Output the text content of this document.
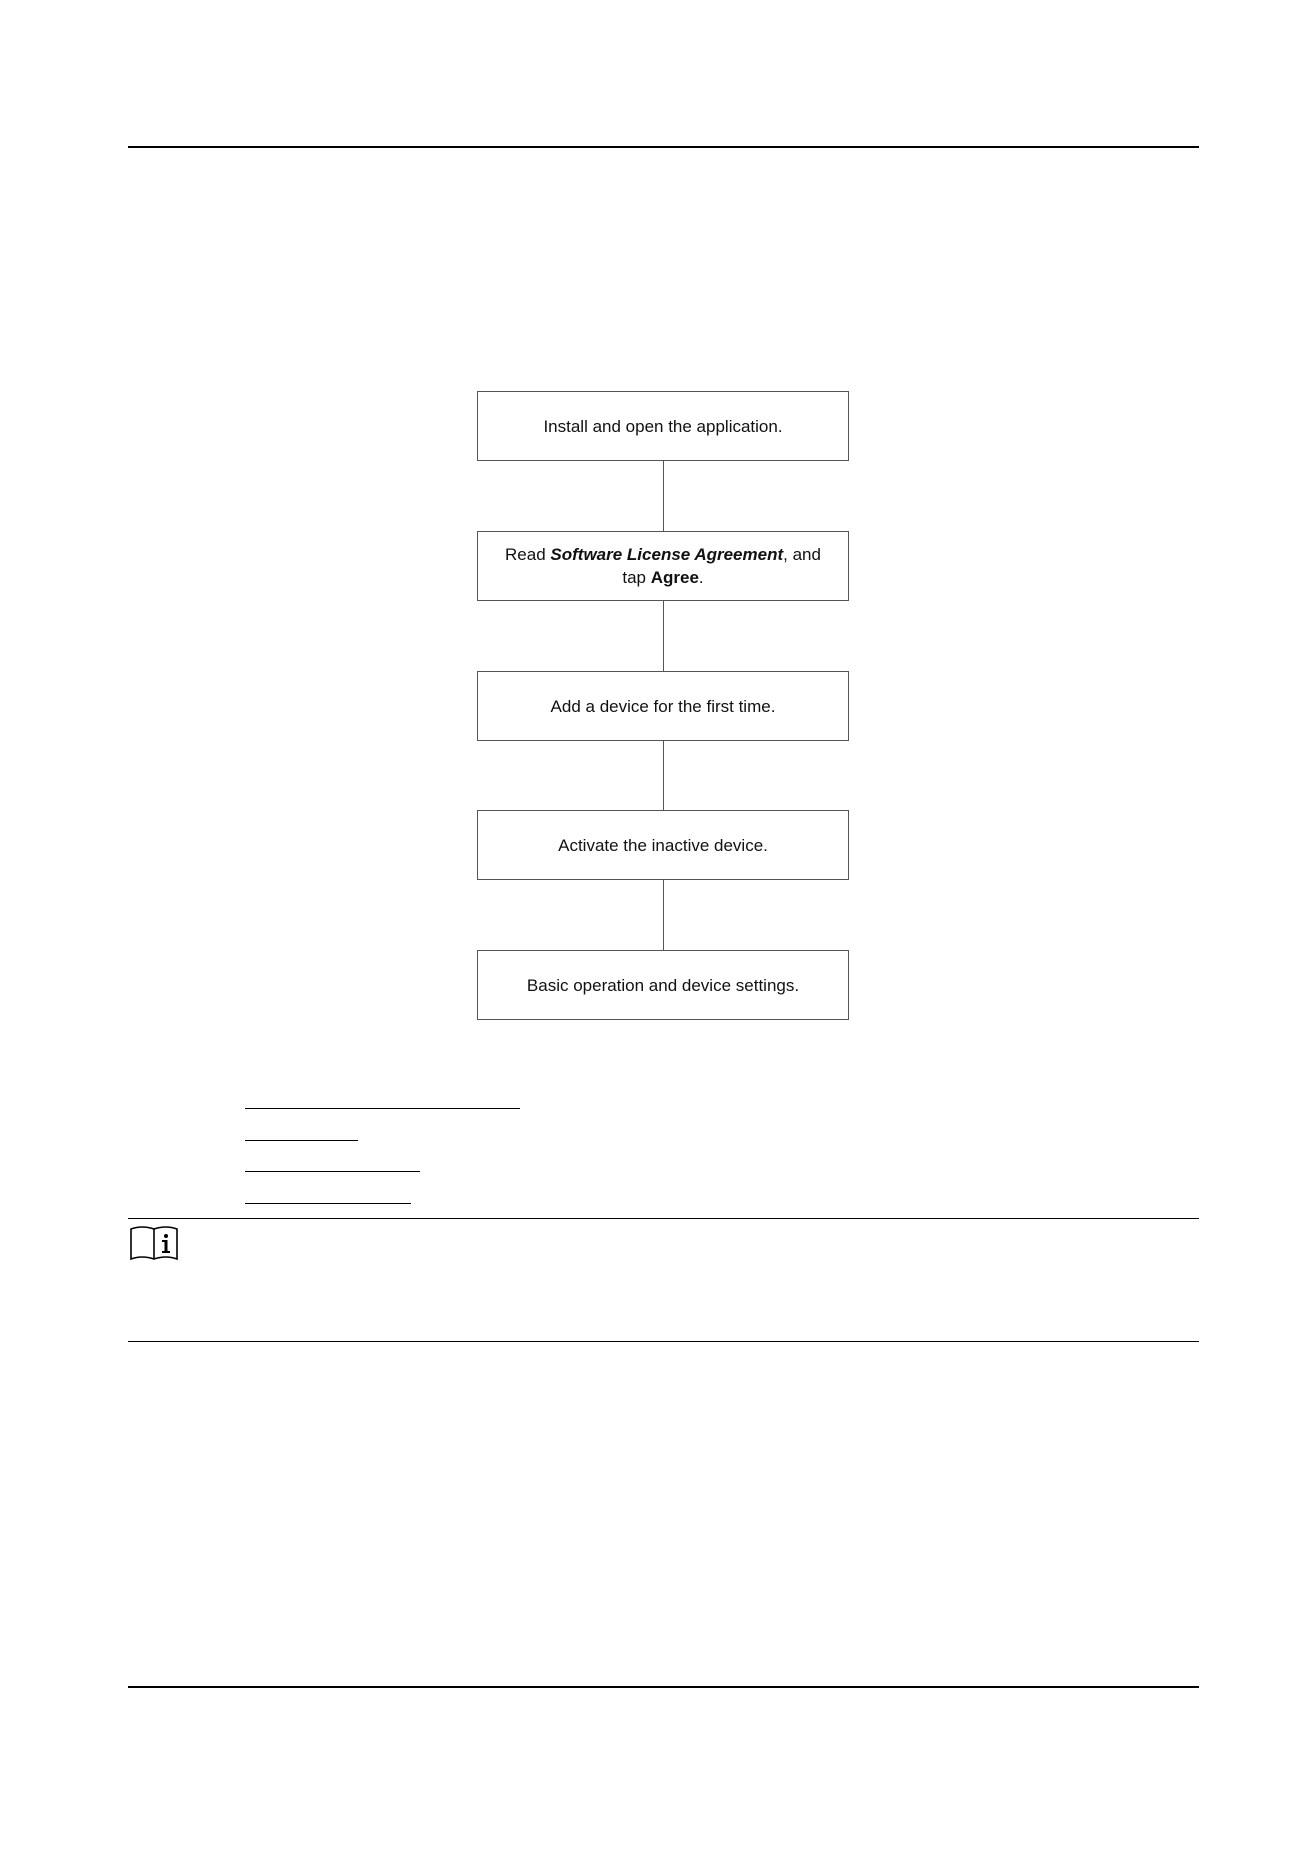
Install and open the application.
Read Software License Agreement, and tap Agree.
Add a device for the first time.
Activate the inactive device.
Basic operation and device settings.
